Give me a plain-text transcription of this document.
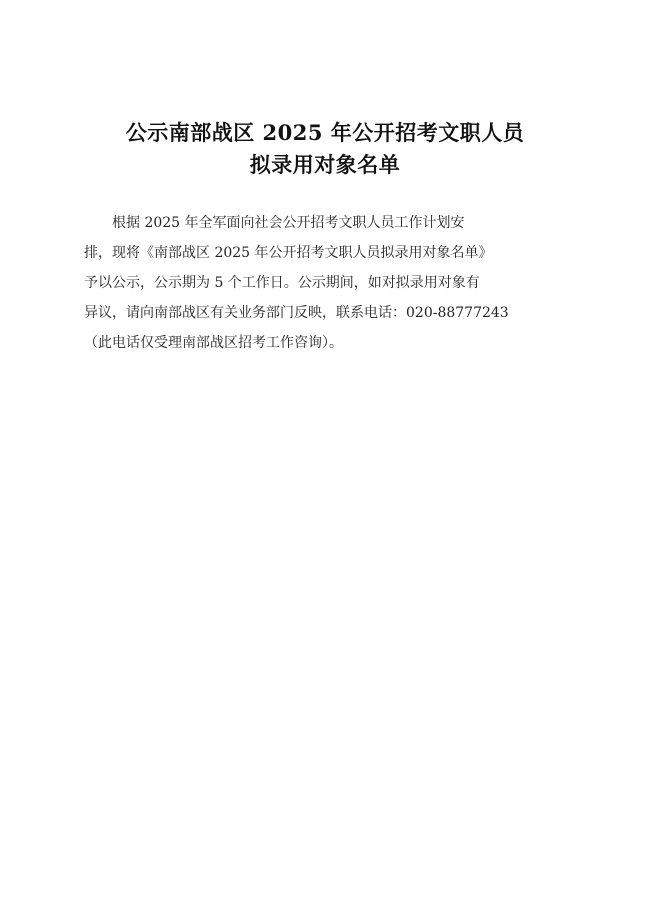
公示南部战区 2025 年公开招考文职人员
拟录用对象名单
根据 2025 年全军面向社会公开招考文职人员工作计划安
排，现将《南部战区 2025 年公开招考文职人员拟录用对象名单》
予以公示，公示期为 5 个工作日。公示期间，如对拟录用对象有
异议，请向南部战区有关业务部门反映，联系电话：020-88777243
（此电话仅受理南部战区招考工作咨询）。
